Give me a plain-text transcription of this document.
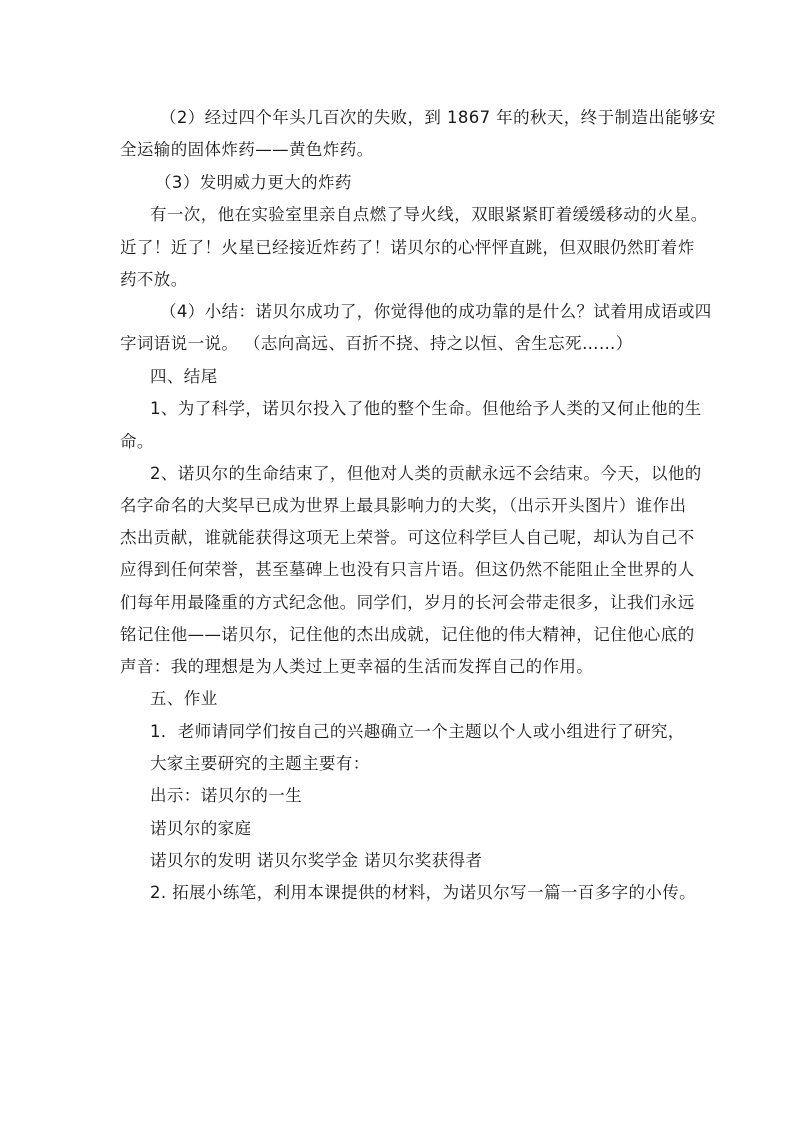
（2）经过四个年头几百次的失败，到 1867 年的秋天，终于制造出能够安
全运输的固体炸药——黄色炸药。
（3）发明威力更大的炸药
有一次，他在实验室里亲自点燃了导火线，双眼紧紧盯着缓缓移动的火星。
近了！近了！火星已经接近炸药了！诺贝尔的心怦怦直跳，但双眼仍然盯着炸
药不放。
（4）小结：诺贝尔成功了，你觉得他的成功靠的是什么？试着用成语或四
字词语说一说。 （志向高远、百折不挠、持之以恒、舍生忘死……）
四、结尾
1、为了科学，诺贝尔投入了他的整个生命。但他给予人类的又何止他的生
命。
2、诺贝尔的生命结束了，但他对人类的贡献永远不会结束。今天，以他的
名字命名的大奖早已成为世界上最具影响力的大奖，（出示开头图片）谁作出
杰出贡献，谁就能获得这项无上荣誉。可这位科学巨人自己呢，却认为自己不
应得到任何荣誉，甚至墓碑上也没有只言片语。但这仍然不能阻止全世界的人
们每年用最隆重的方式纪念他。同学们，岁月的长河会带走很多，让我们永远
铭记住他——诺贝尔，记住他的杰出成就，记住他的伟大精神，记住他心底的
声音：我的理想是为人类过上更幸福的生活而发挥自己的作用。
五、作业
1．老师请同学们按自己的兴趣确立一个主题以个人或小组进行了研究，
大家主要研究的主题主要有：
出示：诺贝尔的一生
诺贝尔的家庭
诺贝尔的发明 诺贝尔奖学金 诺贝尔奖获得者
2. 拓展小练笔，利用本课提供的材料，为诺贝尔写一篇一百多字的小传。
